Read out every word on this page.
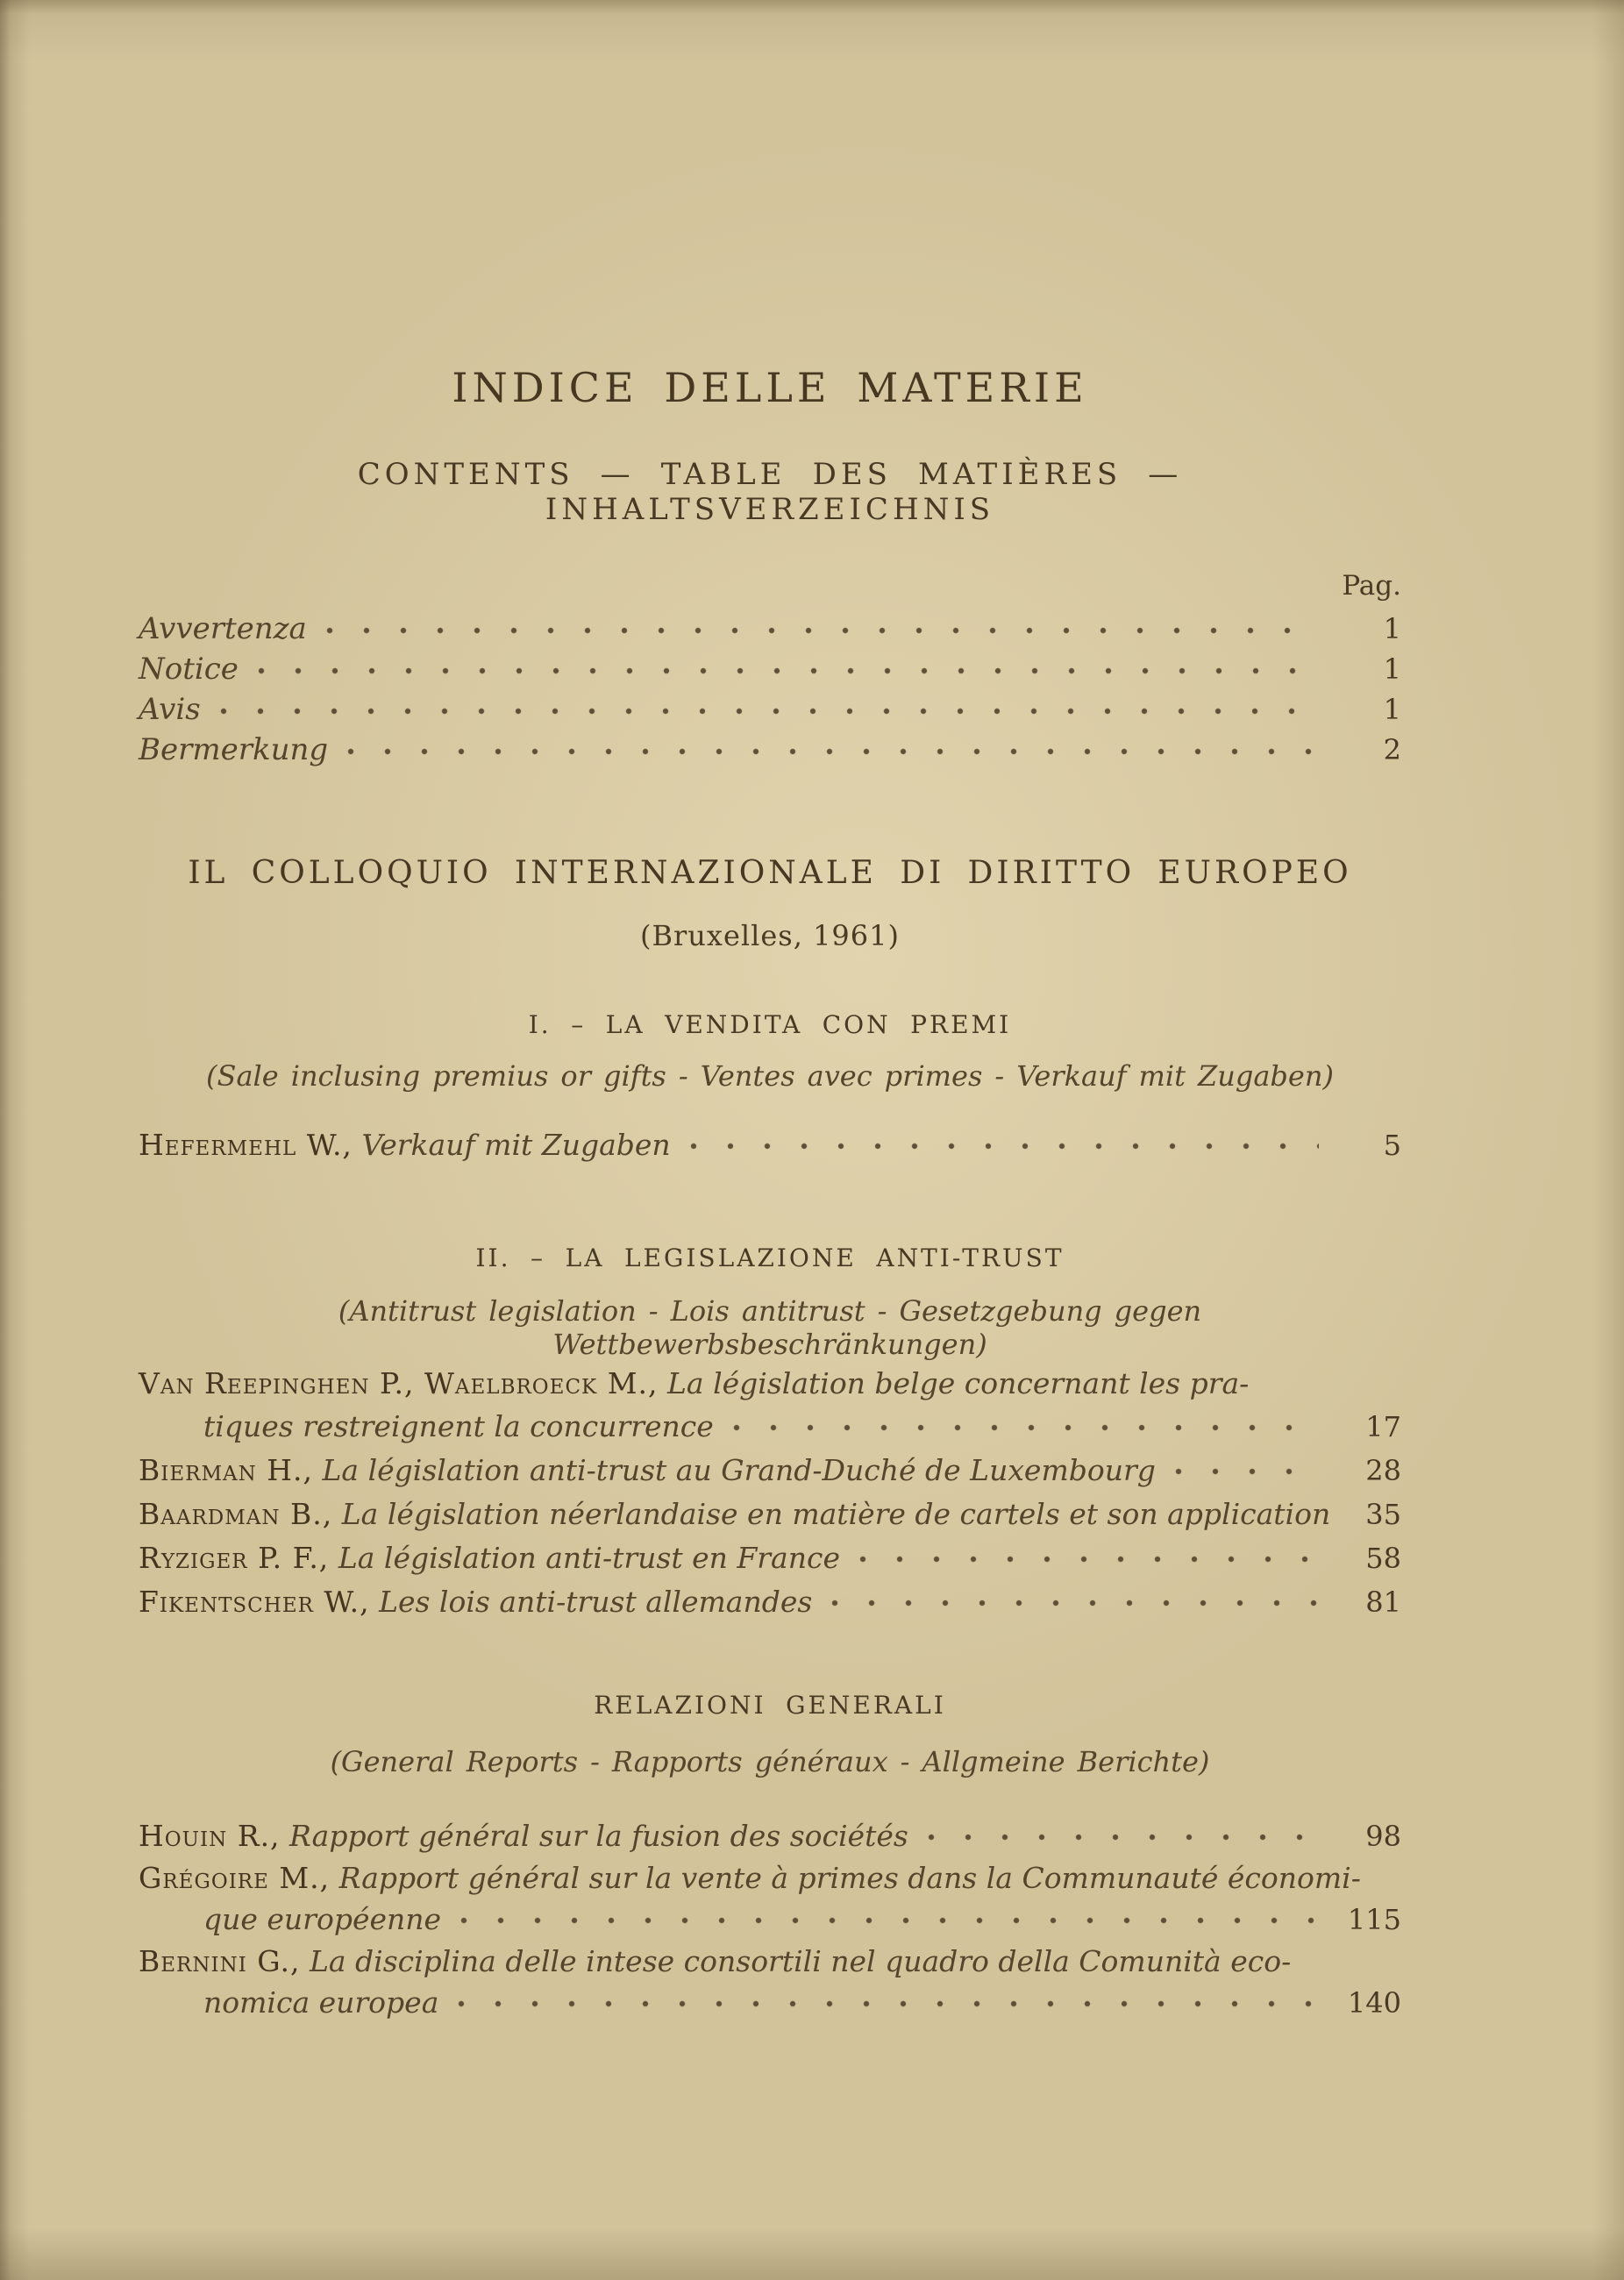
INDICE DELLE MATERIE
CONTENTS — TABLE DES MATIÈRES — INHALTSVERZEICHNIS
Pag.
Avvertenza	1
Notice	1
Avis	1
Bermerkung	2
IL COLLOQUIO INTERNAZIONALE DI DIRITTO EUROPEO
(Bruxelles, 1961)
I. – LA VENDITA CON PREMI
(Sale inclusing premius or gifts - Ventes avec primes - Verkauf mit Zugaben)
Hefermehl W., Verkauf mit Zugaben	5
II. – LA LEGISLAZIONE ANTI-TRUST
(Antitrust legislation - Lois antitrust - Gesetzgebung gegen Wettbewerbsbeschränkungen)
Van Reepinghen P., Waelbroeck M., La législation belge concernant les pra-
tiques restreignent la concurrence	17
Bierman H., La législation anti-trust au Grand-Duché de Luxembourg	28
Baardman B., La législation néerlandaise en matière de cartels et son application	35
Ryziger P. F., La législation anti-trust en France	58
Fikentscher W., Les lois anti-trust allemandes	81
RELAZIONI GENERALI
(General Reports - Rapports généraux - Allgmeine Berichte)
Houin R., Rapport général sur la fusion des sociétés	98
Grégoire M., Rapport général sur la vente à primes dans la Communauté économi-
que européenne	115
Bernini G., La disciplina delle intese consortili nel quadro della Comunità eco-
nomica europea	140
